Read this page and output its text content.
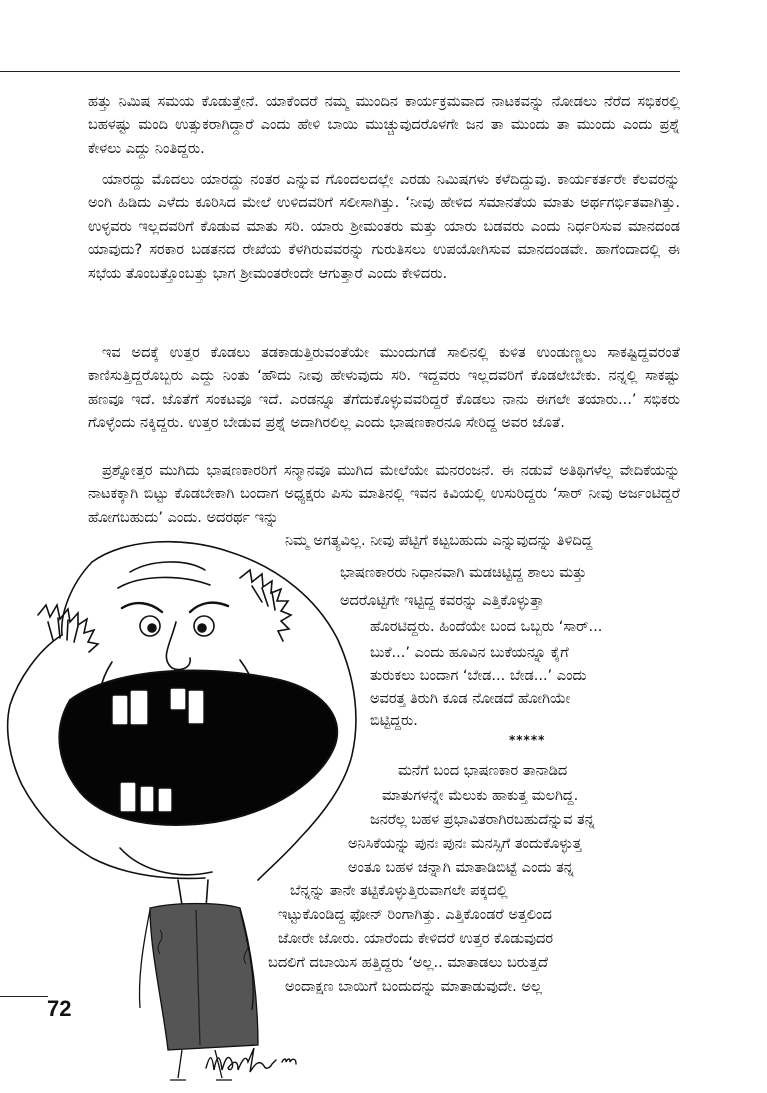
ಹತ್ತು ನಿಮಿಷ ಸಮಯ ಕೊಡುತ್ತೇನೆ. ಯಾಕೆಂದರೆ ನಮ್ಮ ಮುಂದಿನ ಕಾರ್ಯಕ್ರಮವಾದ ನಾಟಕವನ್ನು ನೋಡಲು ನೆರೆದ ಸಭಿಕರಲ್ಲಿ ಬಹಳಷ್ಟು ಮಂದಿ ಉತ್ಸುಕರಾಗಿದ್ದಾರೆ ಎಂದು ಹೇಳಿ ಬಾಯಿ ಮುಚ್ಚುವುದರೊಳಗೇ ಜನ ತಾ ಮುಂದು ತಾ ಮುಂದು ಎಂದು ಪ್ರಶ್ನೆ ಕೇಳಲು ಎದ್ದು ನಿಂತಿದ್ದರು.

ಯಾರದ್ದು ಮೊದಲು ಯಾರದ್ದು ನಂತರ ಎನ್ನುವ ಗೊಂದಲದಲ್ಲೇ ಎರಡು ನಿಮಿಷಗಳು ಕಳೆದಿದ್ದುವು. ಕಾರ್ಯಕರ್ತರೇ ಕೆಲವರನ್ನು ಅಂಗಿ ಹಿಡಿದು ಎಳೆದು ಕೂರಿಸಿದ ಮೇಲೆ ಉಳಿದವರಿಗೆ ಸಲೀಸಾಗಿತ್ತು. ‘ನೀವು ಹೇಳಿದ ಸಮಾನತೆಯ ಮಾತು ಅರ್ಥಗರ್ಭಿತವಾಗಿತ್ತು. ಉಳ್ಳವರು ಇಲ್ಲದವರಿಗೆ ಕೊಡುವ ಮಾತು ಸರಿ. ಯಾರು ಶ್ರೀಮಂತರು ಮತ್ತು ಯಾರು ಬಡವರು ಎಂದು ನಿರ್ಧರಿಸುವ ಮಾನದಂಡ ಯಾವುದು? ಸರಕಾರ ಬಡತನದ ರೇಖೆಯ ಕೆಳಗಿರುವವರನ್ನು ಗುರುತಿಸಲು ಉಪಯೋಗಿಸುವ ಮಾನದಂಡವೇ. ಹಾಗೆಂದಾದಲ್ಲಿ ಈ ಸಭೆಯ ತೊಂಬತ್ತೊಂಬತ್ತು ಭಾಗ ಶ್ರೀಮಂತರೇಂದೇ ಆಗುತ್ತಾರೆ ಎಂದು ಕೇಳಿದರು.

ಇವ ಅದಕ್ಕೆ ಉತ್ತರ ಕೊಡಲು ತಡಕಾಡುತ್ತಿರುವಂತೆಯೇ ಮುಂದುಗಡೆ ಸಾಲಿನಲ್ಲಿ ಕುಳಿತ ಉಂಡುಣ್ಣಲು ಸಾಕಷ್ಟಿದ್ದವರಂತೆ ಕಾಣಿಸುತ್ತಿದ್ದರೊಬ್ಬರು ಎದ್ದು ನಿಂತು ‘ಹೌದು ನೀವು ಹೇಳುವುದು ಸರಿ. ಇದ್ದವರು ಇಲ್ಲದವರಿಗೆ ಕೊಡಲೇಬೇಕು. ನನ್ನಲ್ಲಿ ಸಾಕಷ್ಟು ಹಣವೂ ಇದೆ. ಜೊತೆಗೆ ಸಂಕಟವೂ ಇದೆ. ಎರಡನ್ನೂ ತೆಗೆದುಕೊಳ್ಳುವವರಿದ್ದರೆ ಕೊಡಲು ನಾನು ಈಗಲೇ ತಯಾರು...’ ಸಭಿಕರು ಗೊಳ್ಳೆಂದು ನಕ್ಕಿದ್ದರು. ಉತ್ತರ ಬೇಡುವ ಪ್ರಶ್ನೆ ಅದಾಗಿರಲಿಲ್ಲ ಎಂದು ಭಾಷಣಕಾರನೂ ಸೇರಿದ್ದ ಅವರ ಜೊತೆ.

ಪ್ರಶ್ನೋತ್ತರ ಮುಗಿದು ಭಾಷಣಕಾರರಿಗೆ ಸನ್ಮಾನವೂ ಮುಗಿದ ಮೇಲೆಯೇ ಮನರಂಜನೆ. ಈ ನಡುವೆ ಅತಿಥಿಗಳೆಲ್ಲ ವೇದಿಕೆಯನ್ನು ನಾಟಕಕ್ಕಾಗಿ ಬಿಟ್ಟು ಕೊಡಬೇಕಾಗಿ ಬಂದಾಗ ಅಧ್ಯಕ್ಷರು ಪಿಸು ಮಾತಿನಲ್ಲಿ ಇವನ ಕಿವಿಯಲ್ಲಿ ಉಸುರಿದ್ದರು ‘ಸಾರ್ ನೀವು ಅರ್ಜಂಟಿದ್ದರೆ ಹೋಗಬಹುದು’ ಎಂದು. ಅದರರ್ಥ ಇನ್ನು

ನಿಮ್ಮ ಅಗತ್ಯವಿಲ್ಲ. ನೀವು ಪೆಟ್ಟಿಗೆ ಕಟ್ಟಬಹುದು ಎನ್ನುವುದನ್ನು ತಿಳಿದಿದ್ದ

ಭಾಷಣಕಾರರು ನಿಧಾನವಾಗಿ ಮಡಚಿಟ್ಟಿದ್ದ ಶಾಲು ಮತ್ತು

ಅದರೊಟ್ಟಿಗೇ ಇಟ್ಟಿದ್ದ ಕವರನ್ನು ಎತ್ತಿಕೊಳ್ಳುತ್ತಾ

ಹೊರಟಿದ್ದರು. ಹಿಂದೆಯೇ ಬಂದ ಒಬ್ಬರು ‘ಸಾರ್...

ಬುಕೆ...’ ಎಂದು ಹೂವಿನ ಬುಕೆಯನ್ನೂ ಕೈಗೆ

ತುರುಕಲು ಬಂದಾಗ ‘ಬೇಡ... ಬೇಡ...’ ಎಂದು

ಅವರತ್ತ ತಿರುಗಿ ಕೂಡ ನೋಡದೆ ಹೋಗಿಯೇ

ಬಿಟ್ಟಿದ್ದರು.

*****

ಮನೆಗೆ ಬಂದ ಭಾಷಣಕಾರ ತಾನಾಡಿದ

ಮಾತುಗಳನ್ನೇ ಮೆಲುಕು ಹಾಕುತ್ತ ಮಲಗಿದ್ದ.

ಜನರೆಲ್ಲ ಬಹಳ ಪ್ರಭಾವಿತರಾಗಿರಬಹುದೆನ್ನುವ ತನ್ನ

ಅನಿಸಿಕೆಯನ್ನು ಪುನಃ ಪುನಃ ಮನಸ್ಸಿಗೆ ತಂದುಕೊಳ್ಳುತ್ತ

ಅಂತೂ ಬಹಳ ಚನ್ನಾಗಿ ಮಾತಾಡಿಬಿಟ್ಟೆ ಎಂದು ತನ್ನ

ಬೆನ್ನನ್ನು ತಾನೇ ತಟ್ಟಿಕೊಳ್ಳುತ್ತಿರುವಾಗಲೇ ಪಕ್ಕದಲ್ಲಿ

ಇಟ್ಟುಕೊಂಡಿದ್ದ ಫೋನ್ ರಿಂಗಾಗಿತ್ತು. ಎತ್ತಿಕೊಂಡರೆ ಅತ್ತಲಿಂದ

ಜೋರೇ ಜೋರು. ಯಾರೆಂದು ಕೇಳಿದರೆ ಉತ್ತರ ಕೊಡುವುದರ

ಬದಲಿಗೆ ದಬಾಯಿಸ ಹತ್ತಿದ್ದರು ‘ಅಲ್ಲ.. ಮಾತಾಡಲು ಬರುತ್ತದೆ

ಅಂದಾಕ್ಷಣ ಬಾಯಿಗೆ ಬಂದುದನ್ನು ಮಾತಾಡುವುದೇ. ಅಲ್ಲ

72
